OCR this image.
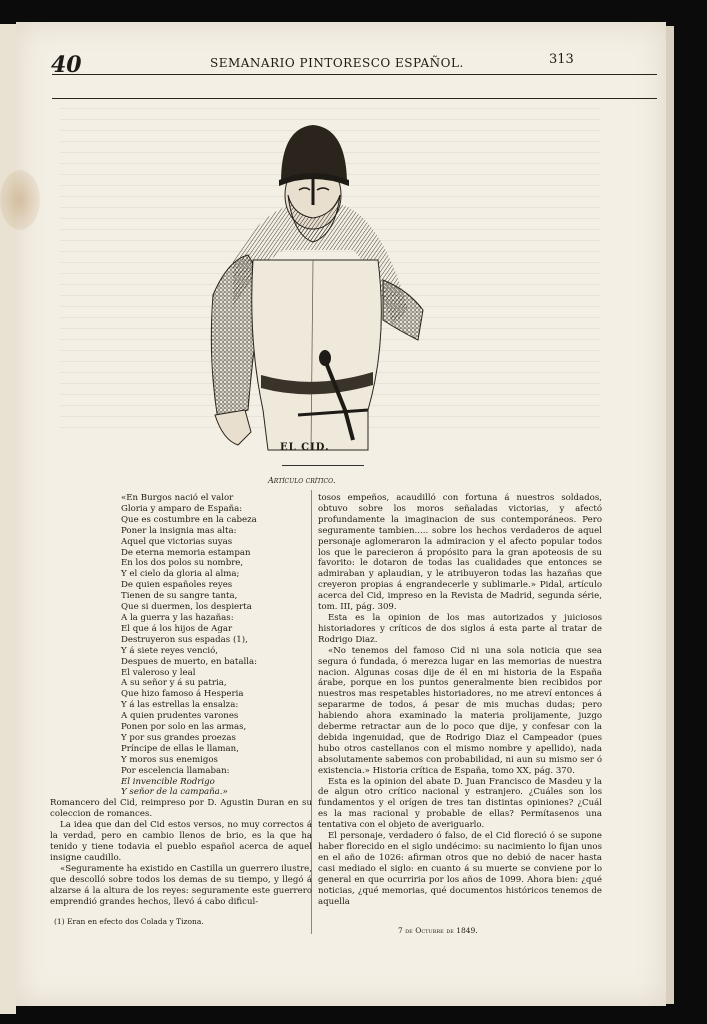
40	SEMANARIO PINTORESCO ESPAÑOL.	313
EL CID.
Artículo crítico.
«En Burgos nació el valor
Gloria y amparo de España:
Que es costumbre en la cabeza
Poner la insignia mas alta:
Aquel que victorias suyas
De eterna memoria estampan
En los dos polos su nombre,
Y el cielo da gloria al alma;
De quien españoles reyes
Tienen de su sangre tanta,
Que si duermen, los despierta
A la guerra y las hazañas:
El que á los hijos de Agar
Destruyeron sus espadas (1),
Y á siete reyes venció,
Despues de muerto, en batalla:
El valeroso y leal
A su señor y á su patria,
Que hizo famoso á Hesperia
Y á las estrellas la ensalza:
A quien prudentes varones
Ponen por solo en las armas,
Y por sus grandes proezas
Príncipe de ellas le llaman,
Y moros sus enemigos
Por escelencia llamaban:
El invencible Rodrigo
Y señor de la campaña.»

Romancero del Cid, reimpreso por D. Agustin Duran en su coleccion de romances.

La idea que dan del Cid estos versos, no muy correctos á la verdad, pero en cambio llenos de brio, es la que ha tenido y tiene todavia el pueblo español acerca de aquel insigne caudillo.

«Seguramente ha existido en Castilla un guerrero ilustre, que descolló sobre todos los demas de su tiempo, y llegó á alzarse á la altura de los reyes: seguramente este guerrero emprendió grandes hechos, llevó á cabo dificul-

tosos empeños, acaudilló con fortuna á nuestros soldados, obtuvo sobre los moros señaladas victorias, y afectó profundamente la imaginacion de sus contemporáneos. Pero seguramente tambien..... sobre los hechos verdaderos de aquel personaje aglomeraron la admiracion y el afecto popular todos los que le parecieron á propósito para la gran apoteosis de su favorito: le dotaron de todas las cualidades que entonces se admiraban y aplaudian, y le atribuyeron todas las hazañas que creyeron propias á engrandecerle y sublimarle.» Pidal, artículo acerca del Cid, impreso en la Revista de Madrid, segunda série, tom. III, pág. 309.

Esta es la opinion de los mas autorizados y juiciosos historiadores y críticos de dos siglos á esta parte al tratar de Rodrigo Diaz.

«No tenemos del famoso Cid ni una sola noticia que sea segura ó fundada, ó merezca lugar en las memorias de nuestra nacion. Algunas cosas dije de él en mi historia de la España árabe, porque en los puntos generalmente bien recibidos por nuestros mas respetables historiadores, no me atreví entonces á separarme de todos, á pesar de mis muchas dudas; pero habiendo ahora examinado la materia prolijamente, juzgo deberme retractar aun de lo poco que dije, y confesar con la debida ingenuidad, que de Rodrigo Diaz el Campeador (pues hubo otros castellanos con el mismo nombre y apellido), nada absolutamente sabemos con probabilidad, ni aun su mismo ser ó existencia.» Historia crítica de España, tomo XX, pág. 370.

Esta es la opinion del abate D. Juan Francisco de Masdeu y la de algun otro crítico nacional y estranjero. ¿Cuáles son los fundamentos y el orígen de tres tan distintas opiniones? ¿Cuál es la mas racional y probable de ellas? Permítasenos una tentativa con el objeto de averiguarlo.

El personaje, verdadero ó falso, de el Cid floreció ó se supone haber florecido en el siglo undécimo: su nacimiento lo fijan unos en el año de 1026: afirman otros que no debió de nacer hasta casi mediado el siglo: en cuanto á su muerte se conviene por lo general en que ocurriria por los años de 1099. Ahora bien: ¿qué noticias, ¿qué memorias, qué documentos históricos tenemos de aquella

(1) Eran en efecto dos Colada y Tizona.
7 de Octubre de 1849.
